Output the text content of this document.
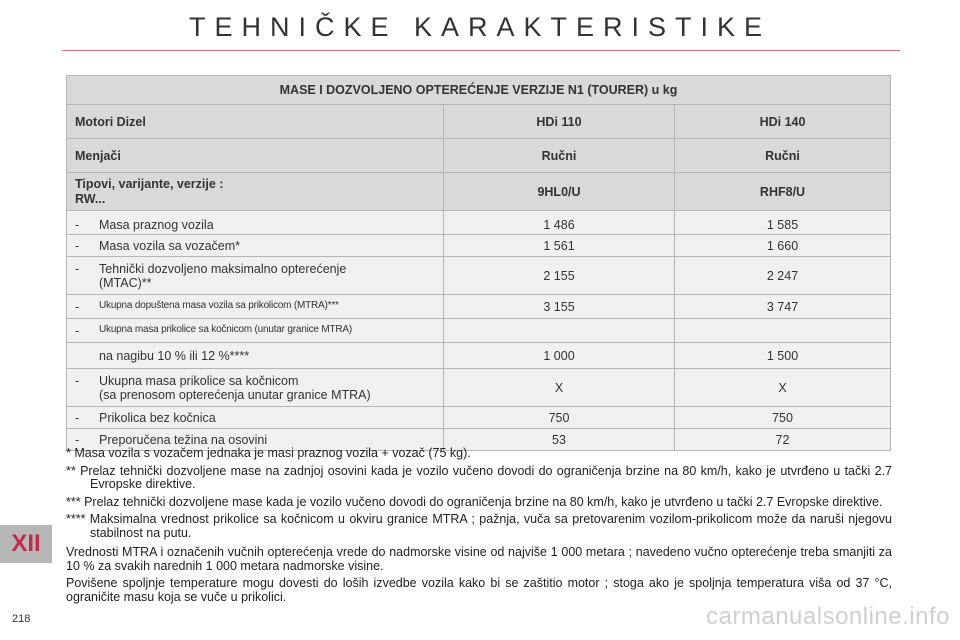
TEHNIČKE KARAKTERISTIKE
MASE I DOZVOLJENO OPTEREĆENJE VERZIJE N1 (TOURER) u kg		
Motori Dizel	HDi 110	HDi 140
Menjači	Ručni	Ručni

Tipovi, varijante, verzije :
RW...	9HL0/U	RHF8/U
- Masa praznog vozila	1 486	1 585
- Masa vozila sa vozačem*	1 561	1 660
- Tehnički dozvoljeno maksimalno opterećenje
(MTAC)**	2 155	2 247
- Ukupna dopuštena masa vozila sa prikolicom (MTRA)***	3 155	3 747
- Ukupna masa prikolice sa kočnicom (unutar granice MTRA)		
na nagibu 10 % ili 12 %****	1 000	1 500
- Ukupna masa prikolice sa kočnicom
(sa prenosom opterećenja unutar granice MTRA)	X	X
- Prikolica bez kočnica	750	750
- Preporučena težina na osovini	53	72
* Masa vozila s vozačem jednaka je masi praznog vozila + vozač (75 kg).
** Prelaz tehnički dozvoljene mase na zadnjoj osovini kada je vozilo vučeno dovodi do ograničenja brzine na 80 km/h, kako je utvrđeno u tački 2.7 Evropske direktive.
*** Prelaz tehnički dozvoljene mase kada je vozilo vučeno dovodi do ograničenja brzine na 80 km/h, kako je utvrđeno u tački 2.7 Evropske direktive.
**** Maksimalna vrednost prikolice sa kočnicom u okviru granice MTRA ; pažnja, vuča sa pretovarenim vozilom-prikolicom može da naruši njegovu stabilnost na putu.
Vrednosti MTRA i označenih vučnih opterećenja vrede do nadmorske visine od najviše 1 000 metara ; navedeno vučno opterećenje treba smanjiti za 10 % za svakih narednih 1 000 metara nadmorske visine.
Povišene spoljnje temperature mogu dovesti do loših izvedbe vozila kako bi se zaštitio motor ; stoga ako je spoljnja temperatura viša od 37 °C, ograničite masu koja se vuče u prikolici.
XII
218	carmanualsonline.info
